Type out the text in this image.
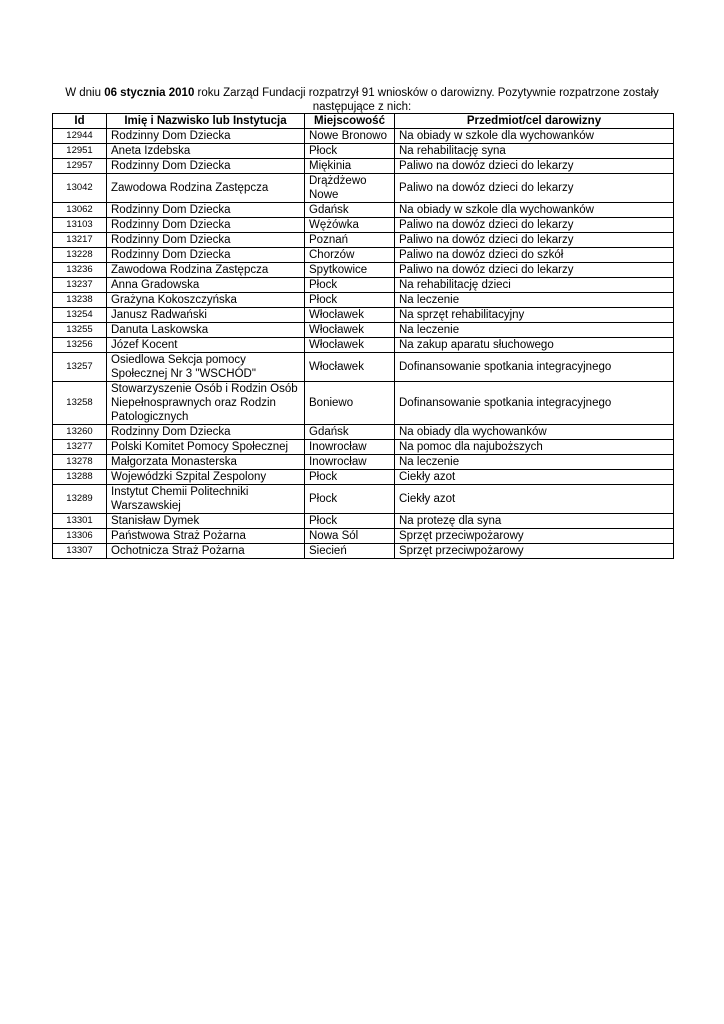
W dniu 06 stycznia 2010 roku Zarząd Fundacji rozpatrzył 91 wniosków o darowizny. Pozytywnie rozpatrzone zostały następujące z nich:
Id	Imię i Nazwisko lub Instytucja	Miejscowość	Przedmiot/cel darowizny
12944	Rodzinny Dom Dziecka	Nowe Bronowo	Na obiady w szkole dla wychowanków
12951	Aneta Izdebska	Płock	Na rehabilitację syna
12957	Rodzinny Dom Dziecka	Miękinia	Paliwo na dowóz dzieci do lekarzy
13042	Zawodowa Rodzina Zastępcza	Drążdżewo Nowe	Paliwo na dowóz dzieci do lekarzy
13062	Rodzinny Dom Dziecka	Gdańsk	Na obiady w szkole dla wychowanków
13103	Rodzinny Dom Dziecka	Wężówka	Paliwo na dowóz dzieci do lekarzy
13217	Rodzinny Dom Dziecka	Poznań	Paliwo na dowóz dzieci do lekarzy
13228	Rodzinny Dom Dziecka	Chorzów	Paliwo na dowóz dzieci do szkół
13236	Zawodowa Rodzina Zastępcza	Spytkowice	Paliwo na dowóz dzieci do lekarzy
13237	Anna Gradowska	Płock	Na rehabilitację dzieci
13238	Grażyna Kokoszczyńska	Płock	Na leczenie
13254	Janusz Radwański	Włocławek	Na sprzęt rehabilitacyjny
13255	Danuta Laskowska	Włocławek	Na leczenie
13256	Józef Kocent	Włocławek	Na zakup aparatu słuchowego
13257	Osiedlowa Sekcja pomocy Społecznej Nr 3 "WSCHÓD"	Włocławek	Dofinansowanie spotkania integracyjnego
13258	Stowarzyszenie Osób i Rodzin Osób Niepełnosprawnych oraz Rodzin Patologicznych	Boniewo	Dofinansowanie spotkania integracyjnego
13260	Rodzinny Dom Dziecka	Gdańsk	Na obiady dla wychowanków
13277	Polski Komitet Pomocy Społecznej	Inowrocław	Na pomoc dla najuboższych
13278	Małgorzata Monasterska	Inowrocław	Na leczenie
13288	Wojewódzki Szpital Zespolony	Płock	Ciekły azot
13289	Instytut Chemii Politechniki Warszawskiej	Płock	Ciekły azot
13301	Stanisław Dymek	Płock	Na protezę dla syna
13306	Państwowa Straż Pożarna	Nowa Sól	Sprzęt przeciwpożarowy
13307	Ochotnicza Straż Pożarna	Siecień	Sprzęt przeciwpożarowy
